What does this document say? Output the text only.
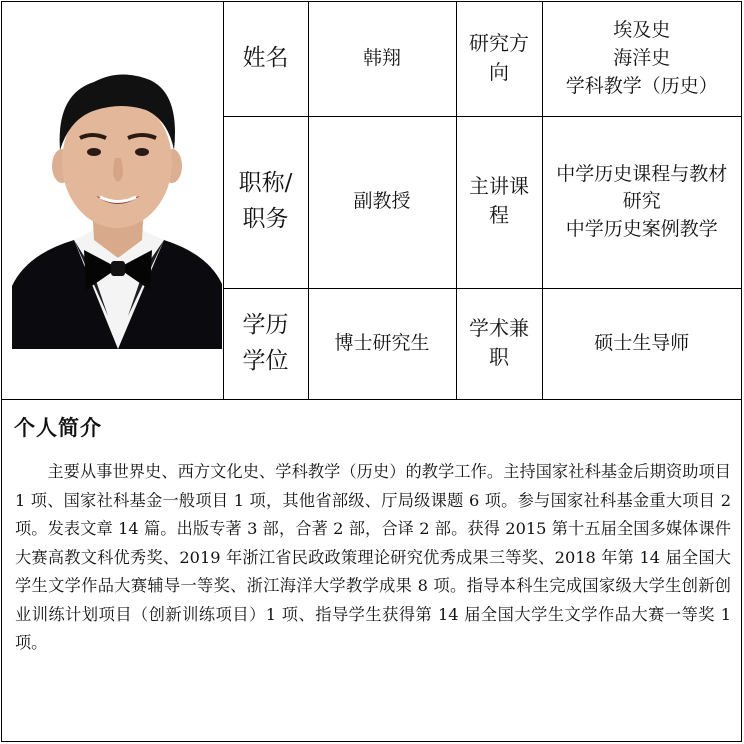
	姓名	韩翔	研究方向	埃及史
海洋史
学科教学（历史）

	职称/
职务	副教授	主讲课程	中学历史课程与教材研究
中学历史案例教学

	学历
学位	博士研究生	学术兼职	硕士生导师
个人简介

主要从事世界史、西方文化史、学科教学（历史）的教学工作。主持国家社科基金后期资助项目 1 项、国家社科基金一般项目 1 项，其他省部级、厅局级课题 6 项。参与国家社科基金重大项目 2 项。发表文章 14 篇。出版专著 3 部，合著 2 部，合译 2 部。获得 2015 第十五届全国多媒体课件大赛高教文科优秀奖、2019 年浙江省民政政策理论研究优秀成果三等奖、2018 年第 14 届全国大学生文学作品大赛辅导一等奖、浙江海洋大学教学成果 8 项。指导本科生完成国家级大学生创新创业训练计划项目（创新训练项目）1 项、指导学生获得第 14 届全国大学生文学作品大赛一等奖 1 项。
